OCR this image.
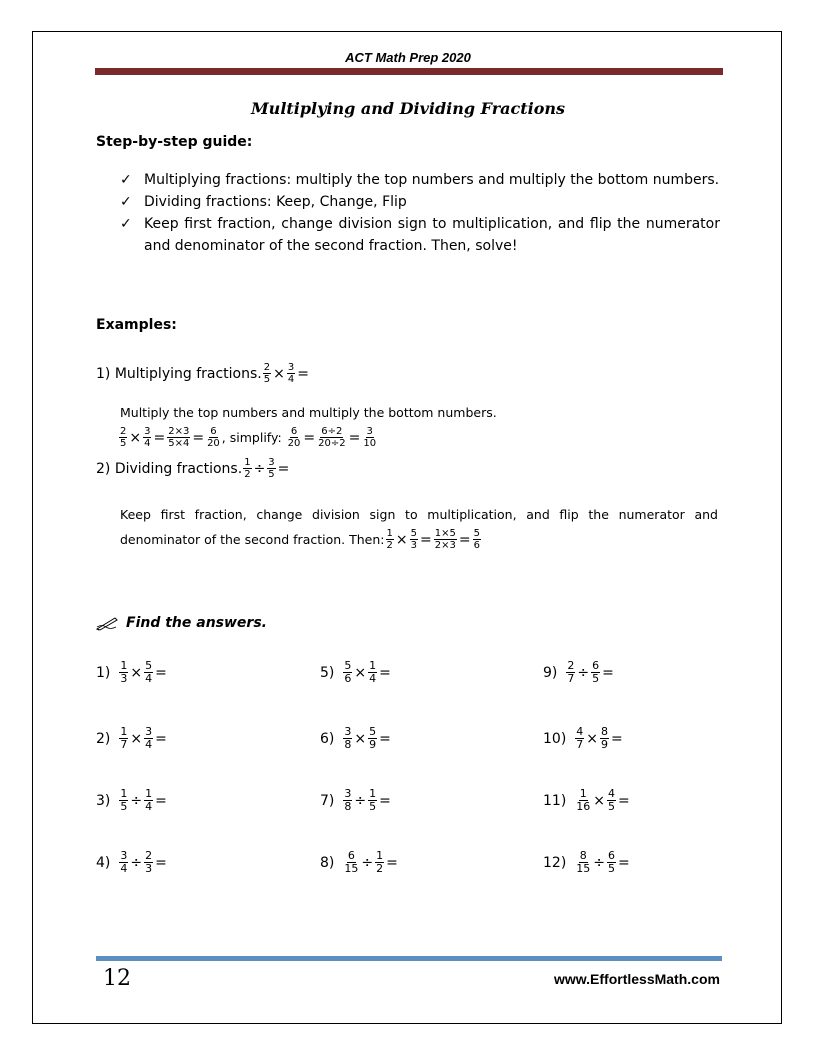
ACT Math Prep 2020
Multiplying and Dividing Fractions
Step-by-step guide:
✓ Multiplying fractions: multiply the top numbers and multiply the bottom numbers.
✓ Dividing fractions: Keep, Change, Flip
✓ Keep first fraction, change division sign to multiplication, and flip the numerator and denominator of the second fraction. Then, solve!
Examples:
1) Multiplying fractions. $\frac{2}{5} \times \frac{3}{4}$ =
Multiply the top numbers and multiply the bottom numbers.
$\frac{2}{5} \times \frac{3}{4} = \frac{2\times 3}{5\times 4} = \frac{6}{20}$ , simplify:
$\frac{6}{20} = \frac{6\div 2}{20\div 2} = \frac{3}{10}$
2) Dividing fractions. $\frac{1}{2} \div \frac{3}{5}$ =
Keep first fraction, change division sign to multiplication, and flip the numerator and
denominator of the second fraction. Then: $\frac{1}{2} \times \frac{5}{3} = \frac{1\times 5}{2\times 3} = \frac{5}{6}$
Find the answers.
$1) \frac{1}{3} \times \frac{5}{4}$ =
$2) \frac{1}{7} \times \frac{3}{4}$ =
$3) \frac{1}{5} \div \frac{1}{4}$ =
$4) \frac{3}{4} \div \frac{2}{3}$ =
$5) \frac{5}{6} \times \frac{1}{4}$ =
$6) \frac{3}{8} \times \frac{5}{9}$ =
$7) \frac{3}{8} \div \frac{1}{5}$ =
$8) \frac{6}{15} \div \frac{1}{2}$ =
$9) \frac{2}{7} \div \frac{6}{5}$ =
$10) \frac{4}{7} \times \frac{8}{9}$ =
$11) \frac{1}{16} \times \frac{4}{5}$ =
$12) \frac{8}{15} \div \frac{6}{5}$ =
12	www.EffortlessMath.com
